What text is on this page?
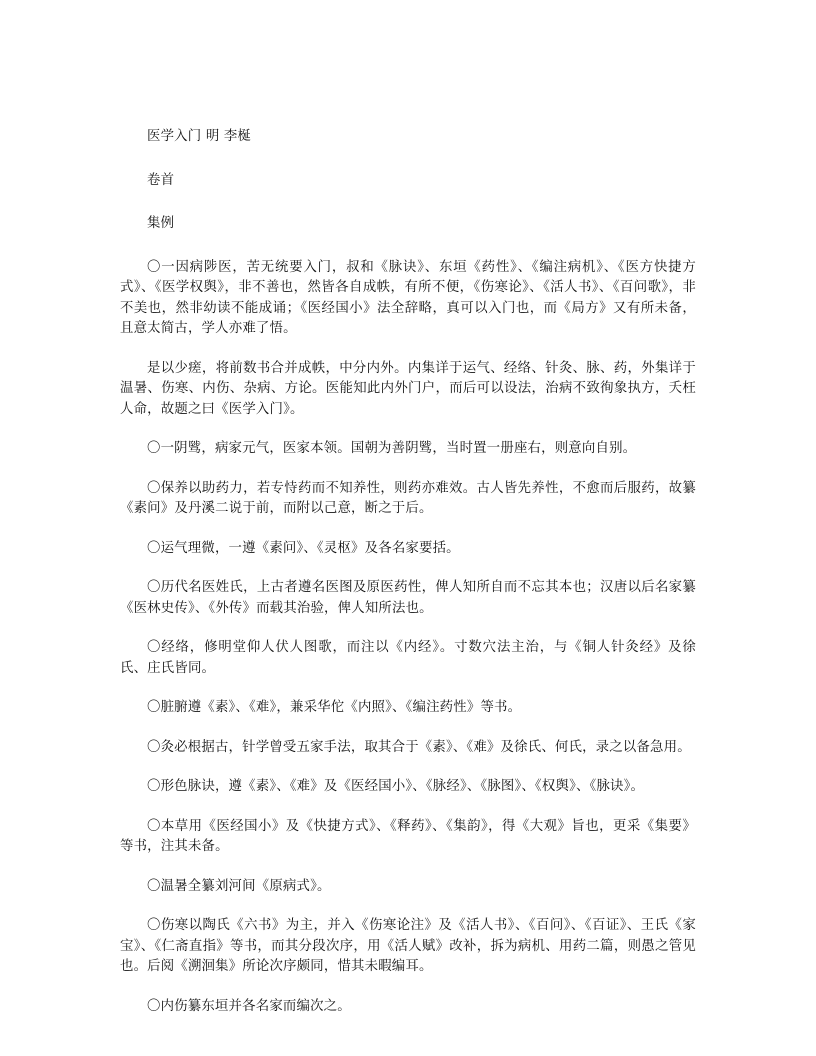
医学入门 明 李梴

卷首

集例

〇一因病陟医，苦无统要入门，叔和《脉诀》、东垣《药性》、《编注病机》、《医方快捷方式》、《医学权舆》，非不善也，然皆各自成帙，有所不便，《伤寒论》、《活人书》、《百问歌》，非不美也，然非幼读不能成诵；《医经国小》法全辞略，真可以入门也，而《局方》又有所未备，且意太简古，学人亦难了悟。

是以少瘥，将前数书合并成帙，中分内外。内集详于运气、经络、针灸、脉、药，外集详于温暑、伤寒、内伤、杂病、方论。医能知此内外门户，而后可以设法，治病不致徇象执方，夭枉人命，故题之曰《医学入门》。

〇一阴骘，病家元气，医家本领。国朝为善阴骘，当时置一册座右，则意向自别。

〇保养以助药力，若专恃药而不知养性，则药亦难效。古人皆先养性，不愈而后服药，故纂《素问》及丹溪二说于前，而附以己意，断之于后。

〇运气理微，一遵《素问》、《灵枢》及各名家要括。

〇历代名医姓氏，上古者遵名医图及原医药性，俾人知所自而不忘其本也；汉唐以后名家纂《医林史传》、《外传》而载其治验，俾人知所法也。

〇经络，修明堂仰人伏人图歌，而注以《内经》。寸数穴法主治，与《铜人针灸经》及徐氏、庄氏皆同。

〇脏腑遵《素》、《难》，兼采华佗《内照》、《编注药性》等书。

〇灸必根据古，针学曾受五家手法，取其合于《素》、《难》及徐氏、何氏，录之以备急用。

〇形色脉诀，遵《素》、《难》及《医经国小》、《脉经》、《脉图》、《权舆》、《脉诀》。

〇本草用《医经国小》及《快捷方式》、《释药》、《集韵》，得《大观》旨也，更采《集要》等书，注其未备。

〇温暑全纂刘河间《原病式》。

〇伤寒以陶氏《六书》为主，并入《伤寒论注》及《活人书》、《百问》、《百证》、王氏《家宝》、《仁斋直指》等书，而其分段次序，用《活人赋》改补，拆为病机、用药二篇，则愚之管见也。后阅《溯洄集》所论次序颇同，惜其未暇编耳。

〇内伤纂东垣并各名家而编次之。
